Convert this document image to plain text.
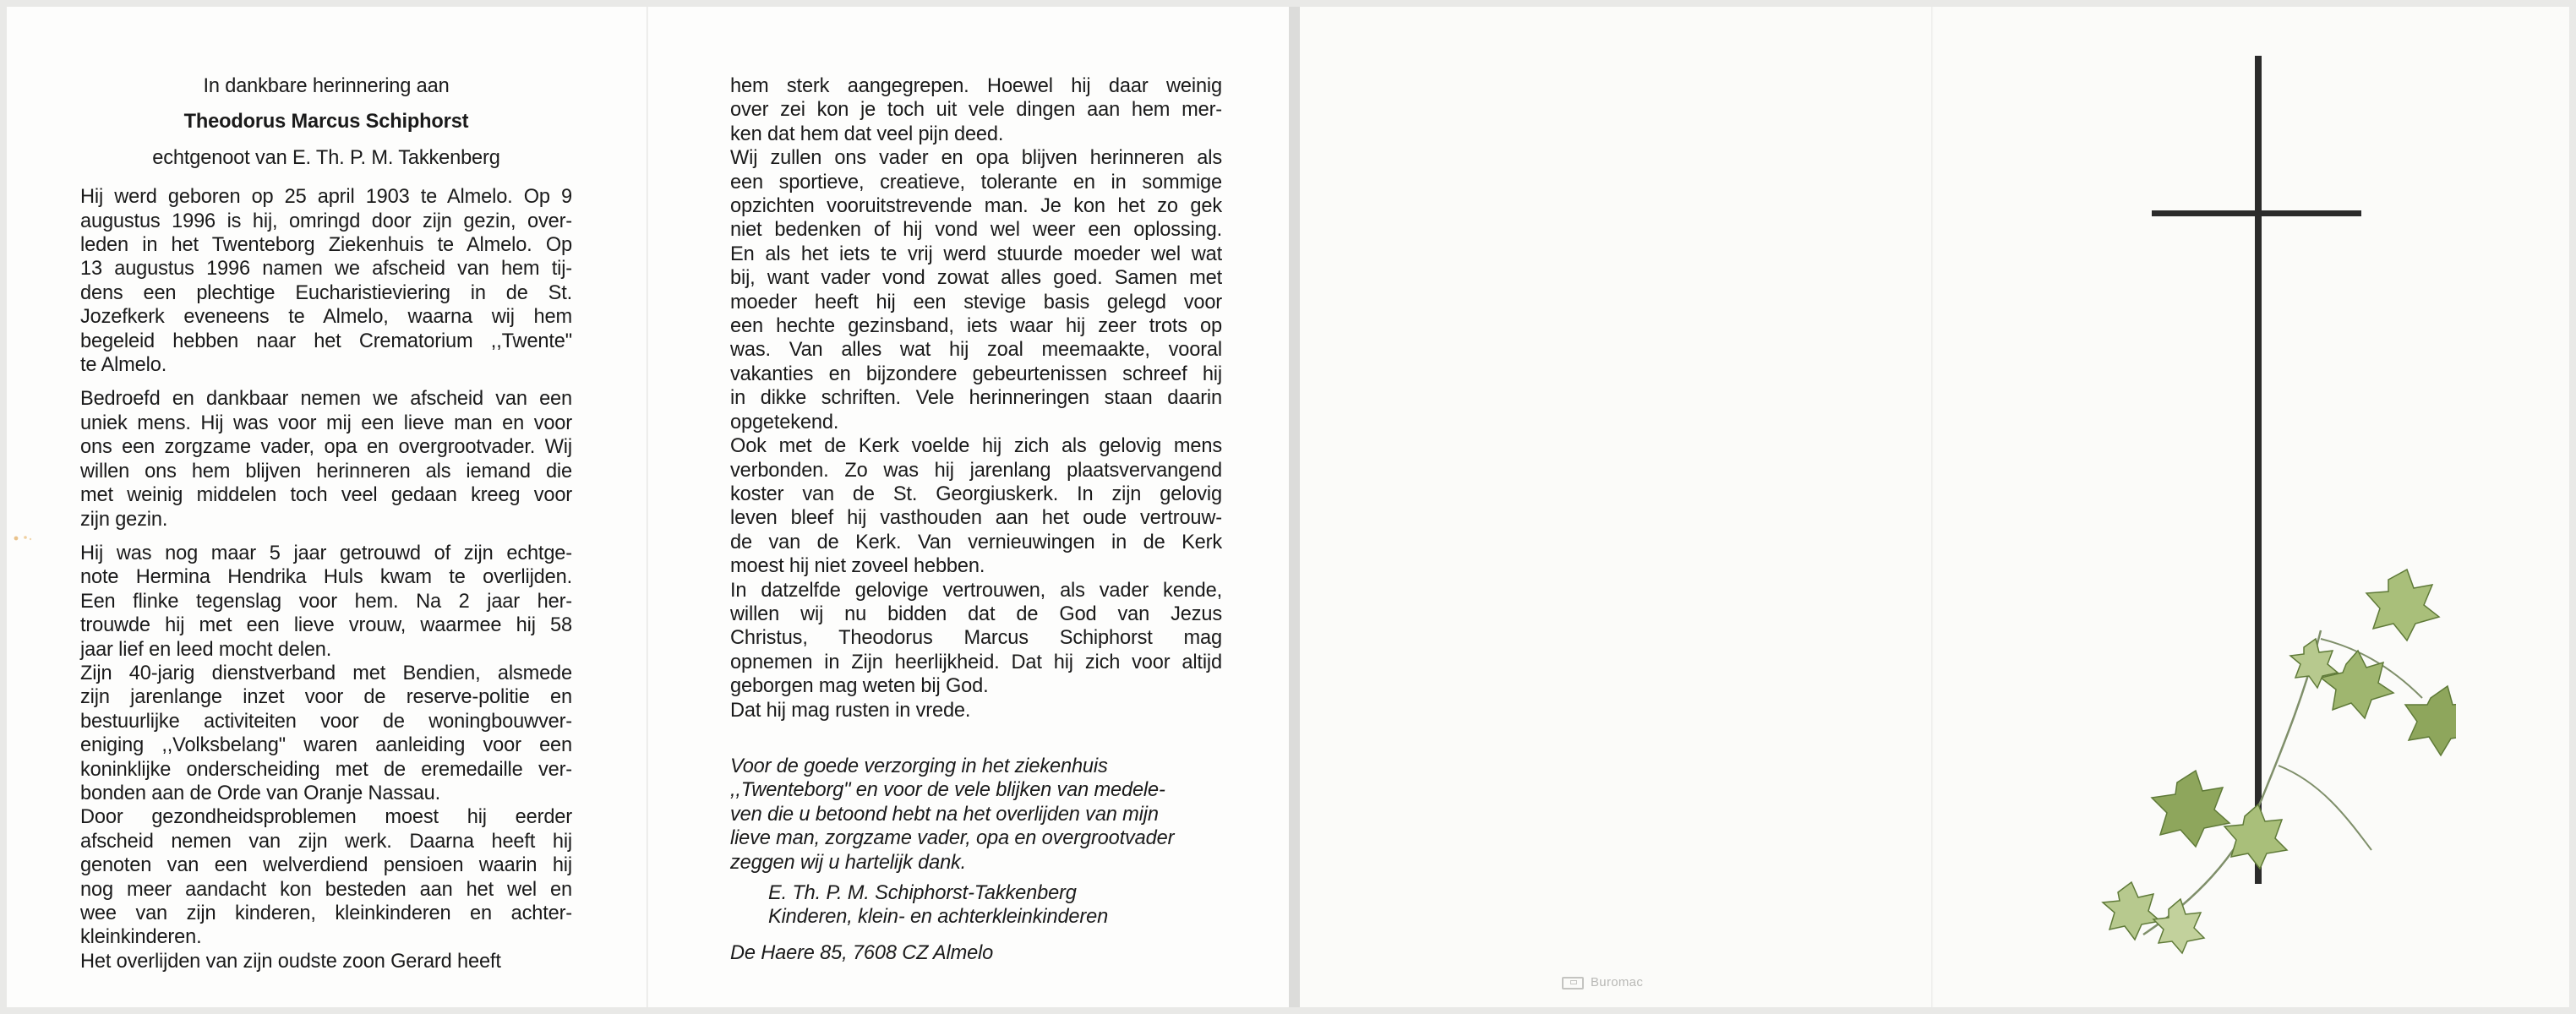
In dankbare herinnering aan

Theodorus Marcus Schiphorst

echtgenoot van E. Th. P. M. Takkenberg

Hij werd geboren op 25 april 1903 te Almelo. Op 9
augustus 1996 is hij, omringd door zijn gezin, over-
leden in het Twenteborg Ziekenhuis te Almelo. Op
13 augustus 1996 namen we afscheid van hem tij-
dens een plechtige Eucharistieviering in de St.
Jozefkerk eveneens te Almelo, waarna wij hem
begeleid hebben naar het Crematorium ,,Twente"
te Almelo.
Bedroefd en dankbaar nemen we afscheid van een
uniek mens. Hij was voor mij een lieve man en voor
ons een zorgzame vader, opa en overgrootvader. Wij
willen ons hem blijven herinneren als iemand die
met weinig middelen toch veel gedaan kreeg voor
zijn gezin.
Hij was nog maar 5 jaar getrouwd of zijn echtge-
note Hermina Hendrika Huls kwam te overlijden.
Een flinke tegenslag voor hem. Na 2 jaar her-
trouwde hij met een lieve vrouw, waarmee hij 58
jaar lief en leed mocht delen.
Zijn 40-jarig dienstverband met Bendien, alsmede
zijn jarenlange inzet voor de reserve-politie en
bestuurlijke activiteiten voor de woningbouwver-
eniging ,,Volksbelang" waren aanleiding voor een
koninklijke onderscheiding met de eremedaille ver-
bonden aan de Orde van Oranje Nassau.
Door gezondheidsproblemen moest hij eerder
afscheid nemen van zijn werk. Daarna heeft hij
genoten van een welverdiend pensioen waarin hij
nog meer aandacht kon besteden aan het wel en
wee van zijn kinderen, kleinkinderen en achter-
kleinkinderen.
Het overlijden van zijn oudste zoon Gerard heeft
hem sterk aangegrepen. Hoewel hij daar weinig
over zei kon je toch uit vele dingen aan hem mer-
ken dat hem dat veel pijn deed.
Wij zullen ons vader en opa blijven herinneren als
een sportieve, creatieve, tolerante en in sommige
opzichten vooruitstrevende man. Je kon het zo gek
niet bedenken of hij vond wel weer een oplossing.
En als het iets te vrij werd stuurde moeder wel wat
bij, want vader vond zowat alles goed. Samen met
moeder heeft hij een stevige basis gelegd voor
een hechte gezinsband, iets waar hij zeer trots op
was. Van alles wat hij zoal meemaakte, vooral
vakanties en bijzondere gebeurtenissen schreef hij
in dikke schriften. Vele herinneringen staan daarin
opgetekend.
Ook met de Kerk voelde hij zich als gelovig mens
verbonden. Zo was hij jarenlang plaatsvervangend
koster van de St. Georgiuskerk. In zijn gelovig
leven bleef hij vasthouden aan het oude vertrouw-
de van de Kerk. Van vernieuwingen in de Kerk
moest hij niet zoveel hebben.
In datzelfde gelovige vertrouwen, als vader kende,
willen wij nu bidden dat de God van Jezus
Christus, Theodorus Marcus Schiphorst mag
opnemen in Zijn heerlijkheid. Dat hij zich voor altijd
geborgen mag weten bij God.
Dat hij mag rusten in vrede.
Voor de goede verzorging in het ziekenhuis
,,Twenteborg" en voor de vele blijken van medele-
ven die u betoond hebt na het overlijden van mijn
lieve man, zorgzame vader, opa en overgrootvader
zeggen wij u hartelijk dank.
E. Th. P. M. Schiphorst-Takkenberg
Kinderen, klein- en achterkleinkinderen

De Haere 85, 7608 CZ Almelo

Buromac
